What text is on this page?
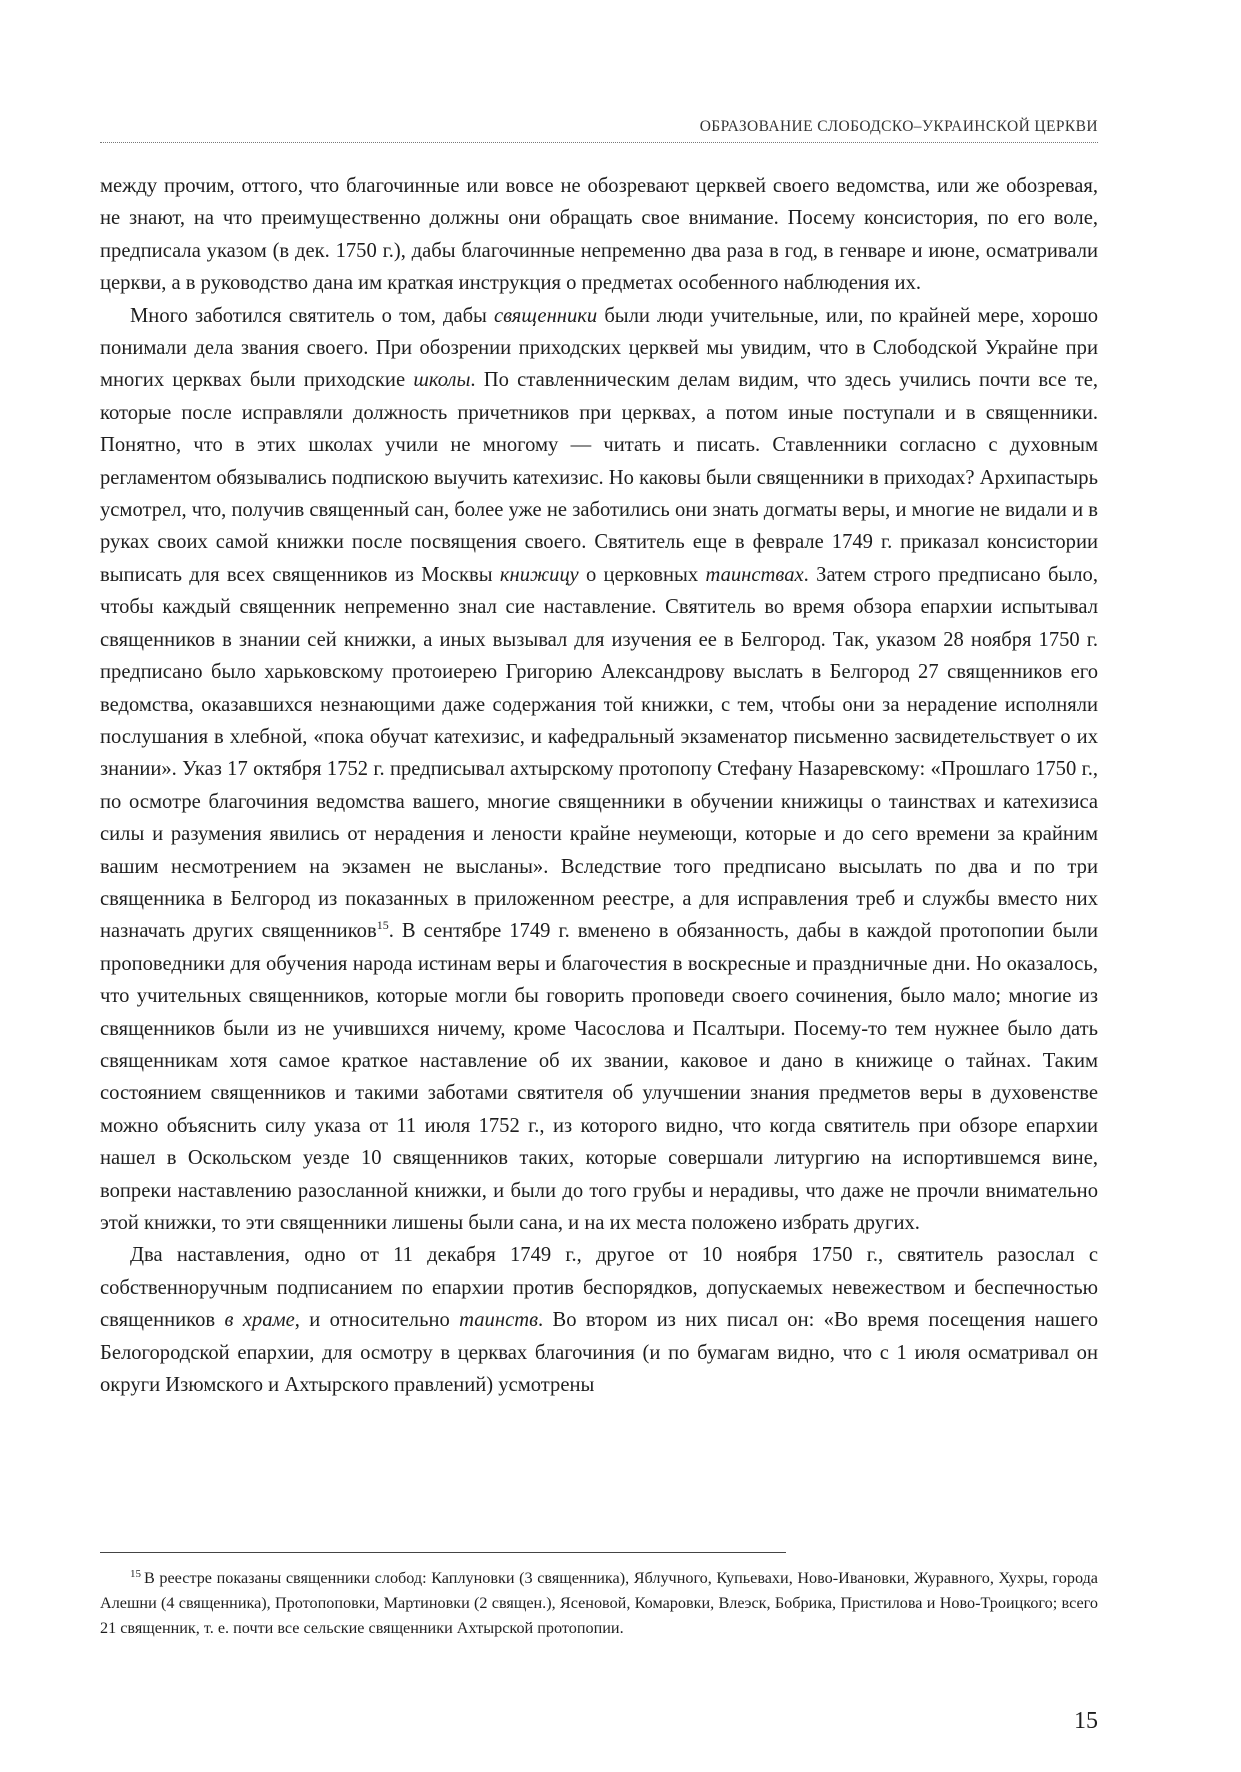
ОБРАЗОВАНИЕ СЛОБОДСКО–УКРАИНСКОЙ ЦЕРКВИ

между прочим, оттого, что благочинные или вовсе не обозревают церквей своего ведомства, или же обозревая, не знают, на что преимущественно должны они обращать свое внимание. Посему консистория, по его воле, предписала указом (в дек. 1750 г.), дабы благочинные непременно два раза в год, в генваре и июне, осматривали церкви, а в руководство дана им краткая инструкция о предметах особенного наблюдения их.

Много заботился святитель о том, дабы священники были люди учительные, или, по крайней мере, хорошо понимали дела звания своего. При обозрении приходских церквей мы увидим, что в Слободской Украйне при многих церквах были приходские школы. По ставленническим делам видим, что здесь учились почти все те, которые после исправляли должность причетников при церквах, а потом иные поступали и в священники. Понятно, что в этих школах учили не многому — читать и писать. Ставленники согласно с духовным регламентом обязывались подпискою выучить катехизис. Но каковы были священники в приходах? Архипастырь усмотрел, что, получив священный сан, более уже не заботились они знать догматы веры, и многие не видали и в руках своих самой книжки после посвящения своего. Святитель еще в феврале 1749 г. приказал консистории выписать для всех священников из Москвы книжицу о церковных таинствах. Затем строго предписано было, чтобы каждый священник непременно знал сие наставление. Святитель во время обзора епархии испытывал священников в знании сей книжки, а иных вызывал для изучения ее в Белгород. Так, указом 28 ноября 1750 г. предписано было харьковскому протоиерею Григорию Александрову выслать в Белгород 27 священников его ведомства, оказавшихся незнающими даже содержания той книжки, с тем, чтобы они за нерадение исполняли послушания в хлебной, «пока обучат катехизис, и кафедральный экзаменатор письменно засвидетельствует о их знании». Указ 17 октября 1752 г. предписывал ахтырскому протопопу Стефану Назаревскому: «Прошлаго 1750 г., по осмотре благочиния ведомства вашего, многие священники в обучении книжицы о таинствах и катехизиса силы и разумения явились от нерадения и лености крайне неумеющи, которые и до сего времени за крайним вашим несмотрением на экзамен не высланы». Вследствие того предписано высылать по два и по три священника в Белгород из показанных в приложенном реестре, а для исправления треб и службы вместо них назначать других священников$^{15}$. В сентябре 1749 г. вменено в обязанность, дабы в каждой протопопии были проповедники для обучения народа истинам веры и благочестия в воскресные и праздничные дни. Но оказалось, что учительных священников, которые могли бы говорить проповеди своего сочинения, было мало; многие из священников были из не учившихся ничему, кроме Часослова и Псалтыри. Посему-то тем нужнее было дать священникам хотя самое краткое наставление об их звании, каковое и дано в книжице о тайнах. Таким состоянием священников и такими заботами святителя об улучшении знания предметов веры в духовенстве можно объяснить силу указа от 11 июля 1752 г., из которого видно, что когда святитель при обзоре епархии нашел в Оскольском уезде 10 священников таких, которые совершали литургию на испортившемся вине, вопреки наставлению разосланной книжки, и были до того грубы и нерадивы, что даже не прочли внимательно этой книжки, то эти священники лишены были сана, и на их места положено избрать других.

Два наставления, одно от 11 декабря 1749 г., другое от 10 ноября 1750 г., святитель разослал с собственноручным подписанием по епархии против беспорядков, допускаемых невежеством и беспечностью священников в храме, и относительно таинств. Во втором из них писал он: «Во время посещения нашего Белогородской епархии, для осмотру в церквах благочиния (и по бумагам видно, что с 1 июля осматривал он округи Изюмского и Ахтырского правлений) усмотрены

$^{15}$ В реестре показаны священники слобод: Каплуновки (3 священника), Яблучного, Купьевахи, Ново-Ивановки, Журавного, Хухры, города Алешни (4 священника), Протопоповки, Мартиновки (2 священ.), Ясеновой, Комаровки, Влеэск, Бобрика, Пристилова и Ново-Троицкого; всего 21 священник, т. е. почти все сельские священники Ахтырской протопопии.
15
